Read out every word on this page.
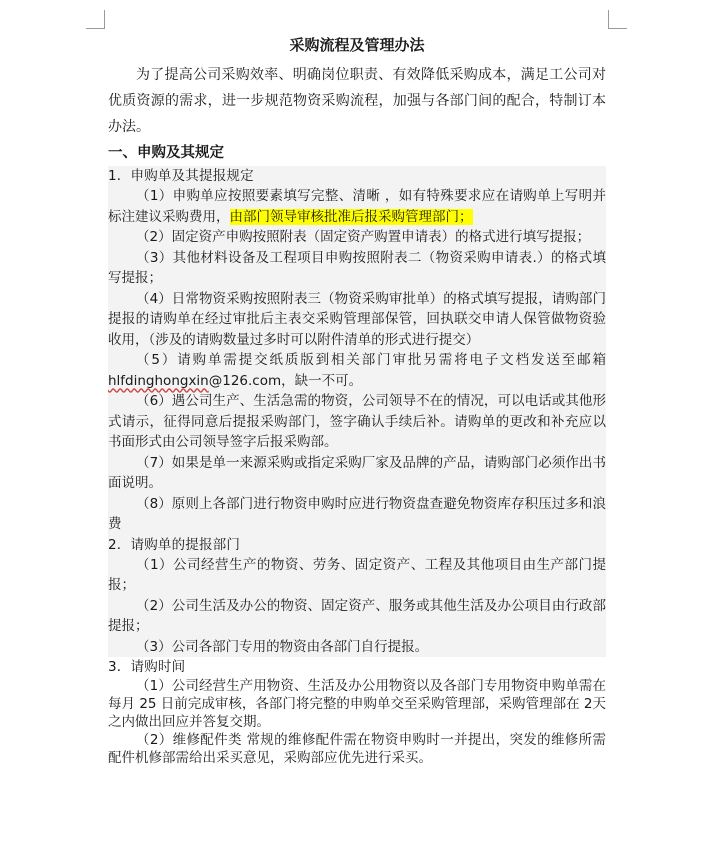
采购流程及管理办法

为了提高公司采购效率、明确岗位职责、有效降低采购成本，满足工公司对优质资源的需求，进一步规范物资采购流程，加强与各部门间的配合，特制订本办法。

一、申购及其规定

1．申购单及其提报规定

（1）申购单应按照要素填写完整、清晰 ，如有特殊要求应在请购单上写明并标注建议采购费用，由部门领导审核批准后报采购管理部门；

（2）固定资产申购按照附表（固定资产购置申请表）的格式进行填写提报；

（3）其他材料设备及工程项目申购按照附表二（物资采购申请表.）的格式填写提报；

（4）日常物资采购按照附表三（物资采购审批单）的格式填写提报，请购部门提报的请购单在经过审批后主表交采购管理部保管，回执联交申请人保管做物资验收用，（涉及的请购数量过多时可以附件清单的形式进行提交）

（5）请购单需提交纸质版到相关部门审批另需将电子文档发送至邮箱hlfdinghongxin@126.com，缺一不可。

（6）遇公司生产、生活急需的物资，公司领导不在的情况，可以电话或其他形式请示，征得同意后提报采购部门，签字确认手续后补。请购单的更改和补充应以书面形式由公司领导签字后报采购部。

（7）如果是单一来源采购或指定采购厂家及品牌的产品，请购部门必须作出书面说明。

（8）原则上各部门进行物资申购时应进行物资盘查避免物资库存积压过多和浪费

2．请购单的提报部门

（1）公司经营生产的物资、劳务、固定资产、工程及其他项目由生产部门提报；

（2）公司生活及办公的物资、固定资产、服务或其他生活及办公项目由行政部提报；

（3）公司各部门专用的物资由各部门自行提报。

3．请购时间

（1）公司经营生产用物资、生活及办公用物资以及各部门专用物资申购单需在每月 25 日前完成审核，各部门将完整的申购单交至采购管理部，采购管理部在 2天之内做出回应并答复交期。

（2）维修配件类 常规的维修配件需在物资申购时一并提出，突发的维修所需配件机修部需给出采买意见，采购部应优先进行采买。
